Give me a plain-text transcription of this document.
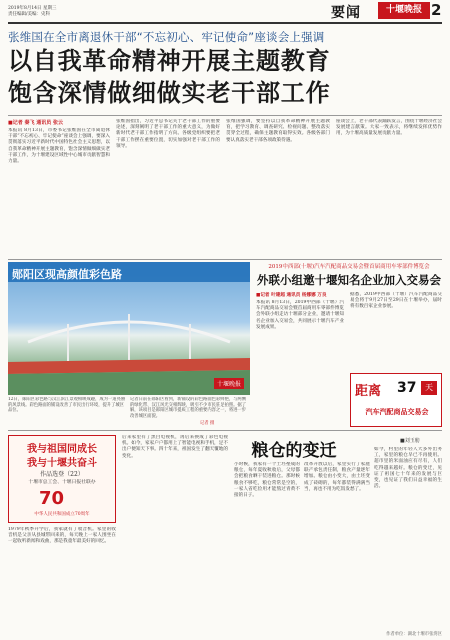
2019年8月14日 星期三
责任编辑/美编：史科	要闻	十堰晚报 2
张维国在全市离退休干部“不忘初心、牢记使命”座谈会上强调
以自我革命精神开展主题教育
饱含深情做细做实老干部工作
■记者 秦飞 通讯员 张云
本报讯 8月13日，市委书记张维国在全市离退休干部“不忘初心、牢记使命”座谈会上强调，要深入贯彻落实习近平新时代中国特色社会主义思想，以自我革命精神开展主题教育，饱含深情做细做实老干部工作，为十堰建设区域性中心城市贡献智慧和力量。
张维国指出，习近平总书记关于老干部工作的重要论述，深刻阐明了老干部工作的重大意义，为做好新时代老干部工作指明了方向。各级党组织要把老干部工作摆在重要位置，切实加强对老干部工作的领导。
张维国强调，要坚持以自我革命精神开展主题教育，把学习教育、调查研究、检视问题、整改落实贯穿全过程，确保主题教育取得实效。各级各部门要认真落实老干部各项政策待遇。
座谈会上，老干部代表踊跃发言，围绕十堰经济社会发展建言献策。大家一致表示，将继续发挥优势作用，为十堰高质量发展贡献力量。
郧阳区现高颜值彩色路
十堰晚报
12日，郧阳区彩色路与汉江滨江景观相映成趣，成为一道亮丽的风景线。彩色路面的铺设改善了市民出行环境，提升了城区品位。
记者日前在郧阳区看到，新铺设的彩色路面色彩鲜艳，与两侧的绿化带、汉江风光交相辉映，吸引不少市民驻足拍照。据了解，该项目是郧阳区城市提质工程的重要内容之一，将进一步改善城区面貌。
记者 摄
2019中西部(十堰)汽车汽配商品交易会暨首届商用车零部件博览会
外联小组邀十堰知名企业加入交易会
■记者 叶建超 通讯员 杨娜娜 万良
本报讯 8月13日，2019中西部（十堰）汽车汽配商品交易会暨首届商用车零部件博览会外联小组走访十堰部分企业，邀请十堰知名企业加入交易会，共同展示十堰汽车产业发展成果。
据悉，2019中西部（十堰）汽车汽配商品交易会将于9月27日至29日在十堰举办，届时将有数百家企业参展。
距离 37	天
汽车汽配商品交易会
我与祖国同成长
我与十堰共奋斗
作品选登（22）
十堰市总工会、十堰日报社联办
70
中华人民共和国成立70周年
1979年秋季开学后，我家就有了收音机。家里的收音机是父亲从县城带回来的，每天晚上一家人围坐在一起收听新闻和戏曲，那是我童年最美好的回忆。
后来家里有了黑白电视机，再后来换成了彩色电视机。如今，家家户户都用上了智能电视和手机，足不出户便知天下事。四十年来，祖国发生了翻天覆地的变化。	粮仓的变迁	■刘玉舫
小时候，我家有一个土坯垒成的粮仓，每年夏收秋收后，父母都会把粮食晒干装进粮仓。那时候粮食不够吃，粮仓常常是空的，一家人省吃俭用才能熬过青黄不接的日子。
改革开放以后，家里实行了家庭联产承包责任制，粮食产量逐年增加。粮仓由小变大，由土坯变成了砖砌的，每年都装得满满当当，再也不用为吃饭发愁了。
如今，村里的年轻人大多外出务工，家里的粮仓早已不再使用。超市里的米面油应有尽有，人们吃得越来越好。粮仓的变迁，见证了祖国七十年来的发展与巨变，也见证了我们日益幸福的生活。
作者单位：湖北十堰市张湾区
